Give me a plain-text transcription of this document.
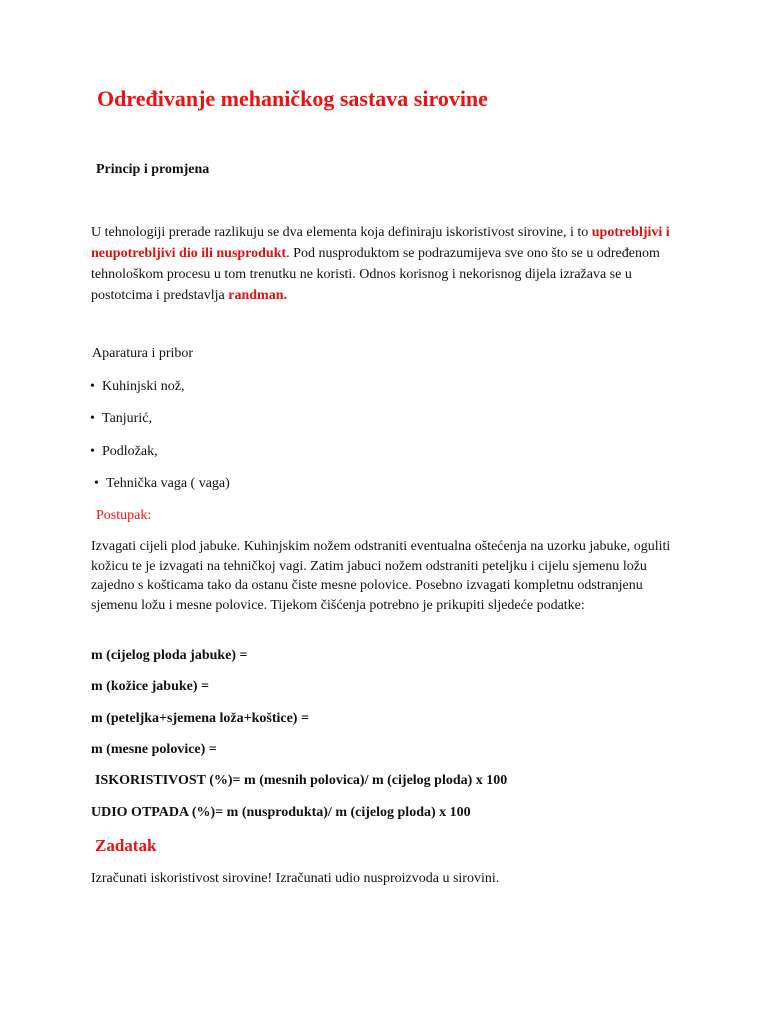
Određivanje mehaničkog sastava sirovine
Princip i promjena
U tehnologiji prerade razlikuju se dva elementa koja definiraju iskoristivost sirovine, i to upotrebljivi i neupotrebljivi dio ili nusprodukt. Pod nusproduktom se podrazumijeva sve ono što se u određenom tehnološkom procesu u tom trenutku ne koristi. Odnos korisnog i nekorisnog dijela izražava se u postotcima i predstavlja randman.
Aparatura i pribor
• Kuhinjski nož,
• Tanjurić,
• Podložak,
• Tehnička vaga ( vaga)
Postupak:
Izvagati cijeli plod jabuke. Kuhinjskim nožem odstraniti eventualna oštećenja na uzorku jabuke, oguliti kožicu te je izvagati na tehničkoj vagi. Zatim jabuci nožem odstraniti peteljku i cijelu sjemenu ložu zajedno s košticama tako da ostanu čiste mesne polovice. Posebno izvagati kompletnu odstranjenu sjemenu ložu i mesne polovice. Tijekom čišćenja potrebno je prikupiti sljedeće podatke:
m (cijelog ploda jabuke) =
m (kožice jabuke) =
m (peteljka+sjemena loža+koštice) =
m (mesne polovice) =
ISKORISTIVOST (%)= m (mesnih polovica)/ m (cijelog ploda) x 100
UDIO OTPADA (%)= m (nusprodukta)/ m (cijelog ploda) x 100
Zadatak
Izračunati iskoristivost sirovine! Izračunati udio nusproizvoda u sirovini.
